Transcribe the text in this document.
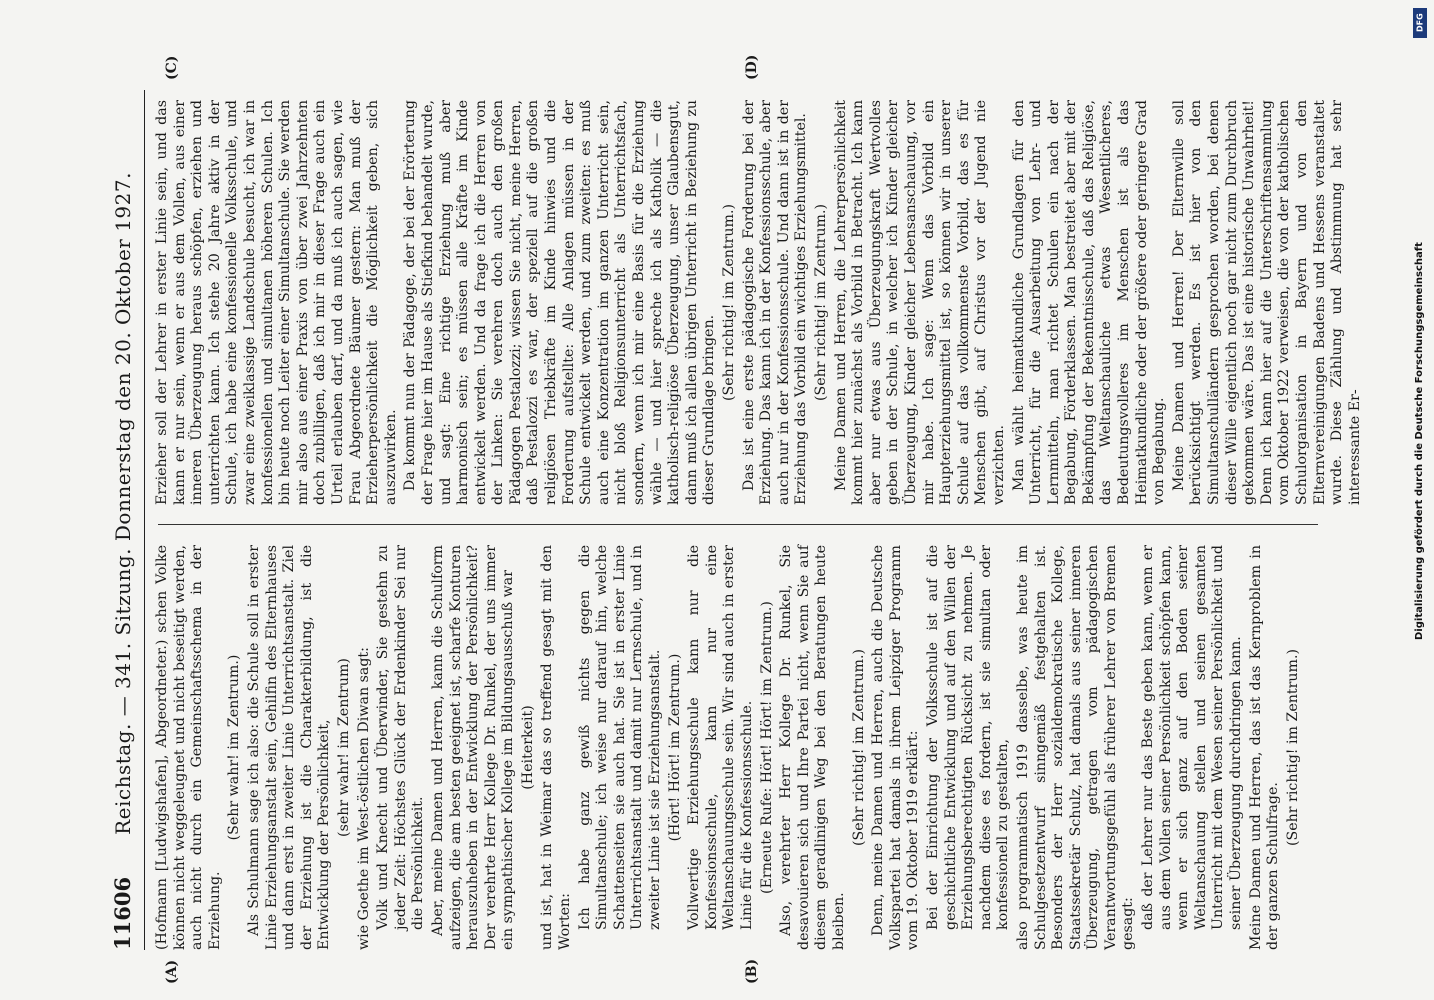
11606
Reichstag. — 341. Sitzung. Donnerstag den 20. Oktober 1927. (Hofmann [Ludwigshafen], Abgeordneter.) schen Volke können nicht weggeleugnet und nicht beseitigt werden, auch nicht durch ein Gemeinschaftsschema in der Erziehung.

(Sehr wahr! im Zentrum.) Als Schulmann sage ich also: die Schule soll in erster Linie Erziehungsanstalt sein, Gehilfin des Elternhauses und dann erst in zweiter Linie Unterrichtsanstalt. Ziel der Erziehung ist die Charakterbildung, ist die Entwicklung der Persönlichkeit, (sehr wahr! im Zentrum) wie Goethe im West-östlichen Diwan sagt: Volk und Knecht und Überwinder, Sie gestehn zu jeder Zeit: Höchstes Glück der Erdenkinder Sei nur die Persönlichkeit. Aber, meine Damen und Herren, kann die Schulform aufzeigen, die am besten geeignet ist, scharfe Konturen herauszuheben in der Entwicklung der Persönlichkeit? Der verehrte Herr Kollege Dr. Runkel, der uns immer ein sympathischer Kollege im Bildungsausschuß war (Heiterkeit) und ist, hat in Weimar das so treffend gesagt mit den Worten: Ich habe ganz gewiß nichts gegen die Simultanschule; ich weise nur darauf hin, welche Schattenseiten sie auch hat. Sie ist in erster Linie Unterrichtsanstalt und damit nur Lernschule, und in zweiter Linie ist sie Erziehungsanstalt. (Hört! Hört! im Zentrum.) Vollwertige Erziehungsschule kann nur die Konfessionsschule, kann nur eine Weltanschauungsschule sein. Wir sind auch in erster Linie für die Konfessionsschule. (Erneute Rufe: Hört! Hört! im Zentrum.) Also, verehrter Herr Kollege Dr. Runkel, Sie desavouieren sich und Ihre Partei nicht, wenn Sie auf diesem geradlinigen Weg bei den Beratungen heute bleiben.

(Sehr richtig! im Zentrum.) Denn, meine Damen und Herren, auch die Deutsche Volkspartei hat damals in ihrem Leipziger Programm vom 19. Oktober 1919 erklärt: Bei der Einrichtung der Volksschule ist auf die geschichtliche Entwicklung und auf den Willen der Erziehungsberechtigten Rücksicht zu nehmen. Je nachdem diese es fordern, ist sie simultan oder konfessionell zu gestalten, also programmatisch 1919 dasselbe, was heute im Schulgesetzentwurf sinngemäß festgehalten ist. Besonders der Herr sozialdemokratische Kollege, Staatssekretär Schulz, hat damals aus seiner inneren Überzeugung, getragen vom pädagogischen Verantwortungsgefühl als früherer Lehrer von Bremen gesagt: daß der Lehrer nur das Beste geben kann, wenn er aus dem Vollen seiner Persönlichkeit schöpfen kann, wenn er sich ganz auf den Boden seiner Weltanschauung stellen und seinen gesamten Unterricht mit dem Wesen seiner Persönlichkeit und seiner Überzeugung durchdringen kann. Meine Damen und Herren, das ist das Kernproblem in der ganzen Schulfrage.

(Sehr richtig! im Zentrum.)

Erzieher soll der Lehrer in erster Linie sein, und das kann er nur sein, wenn er aus dem Vollen, aus einer inneren Überzeugung heraus schöpfen, erziehen und unterrichten kann. Ich stehe 20 Jahre aktiv in der Schule, ich habe eine konfessionelle Volksschule, und zwar eine zweiklassige Landschule besucht, ich war in konfessionellen und simultanen höheren Schulen. Ich bin heute noch Leiter einer Simultanschule. Sie werden mir also aus einer Praxis von über zwei Jahrzehnten doch zubilligen, daß ich mir in dieser Frage auch ein Urteil erlauben darf, und da muß ich auch sagen, wie Frau Abgeordnete Bäumer gestern: Man muß der Erzieherpersönlichkeit die Möglichkeit geben, sich auszuwirken. Da kommt nun der Pädagoge, der bei der Erörterung der Frage hier im Hause als Stiefkind behandelt wurde, und sagt: Eine richtige Erziehung muß aber harmonisch sein; es müssen alle Kräfte im Kinde entwickelt werden. Und da frage ich die Herren von der Linken: Sie verehren doch auch den großen Pädagogen Pestalozzi; wissen Sie nicht, meine Herren, daß Pestalozzi es war, der speziell auf die großen religiösen Triebkräfte im Kinde hinwies und die Forderung aufstellte: Alle Anlagen müssen in der Schule entwickelt werden, und zum zweiten: es muß auch eine Konzentration im ganzen Unterricht sein, nicht bloß Religionsunterricht als Unterrichtsfach, sondern, wenn ich mir eine Basis für die Erziehung wähle — und hier spreche ich als Katholik — die katholisch-religiöse Überzeugung, unser Glaubensgut, dann muß ich allen übrigen Unterricht in Beziehung zu dieser Grundlage bringen.

(Sehr richtig! im Zentrum.) Das ist eine erste pädagogische Forderung bei der Erziehung. Das kann ich in der Konfessionsschule, aber auch nur in der Konfessionsschule. Und dann ist in der Erziehung das Vorbild ein wichtiges Erziehungsmittel. (Sehr richtig! im Zentrum.) Meine Damen und Herren, die Lehrerpersönlichkeit kommt hier zunächst als Vorbild in Betracht. Ich kann aber nur etwas aus Überzeugungskraft Wertvolles geben in der Schule, in welcher ich Kinder gleicher Überzeugung, Kinder gleicher Lebensanschauung, vor mir habe. Ich sage: Wenn das Vorbild ein Haupterziehungsmittel ist, so können wir in unserer Schule auf das vollkommenste Vorbild, das es für Menschen gibt, auf Christus vor der Jugend nie verzichten. Man wählt heimatkundliche Grundlagen für den Unterricht, für die Ausarbeitung von Lehr- und Lernmitteln, man richtet Schulen ein nach der Begabung, Förderklassen. Man bestreitet aber mit der Bekämpfung der Bekenntnisschule, daß das Religiöse, das Weltanschauliche etwas Wesentlicheres, Bedeutungsvolleres im Menschen ist als das Heimatkundliche oder der größere oder geringere Grad von Begabung. Meine Damen und Herren! Der Elternwille soll berücksichtigt werden. Es ist hier von den Simultanschulländern gesprochen worden, bei denen dieser Wille eigentlich noch gar nicht zum Durchbruch gekommen wäre. Das ist eine historische Unwahrheit! Denn ich kann hier auf die Unterschriftensammlung vom Oktober 1922 verweisen, die von der katholischen Schulorganisation in Bayern und von den Elternvereinigungen Badens und Hessens veranstaltet wurde. Diese Zählung und Abstimmung hat sehr interessante Er-

(A)	(B)
(C)	(D)
DFG
Digitalisierung gefördert durch die Deutsche Forschungsgemeinschaft
